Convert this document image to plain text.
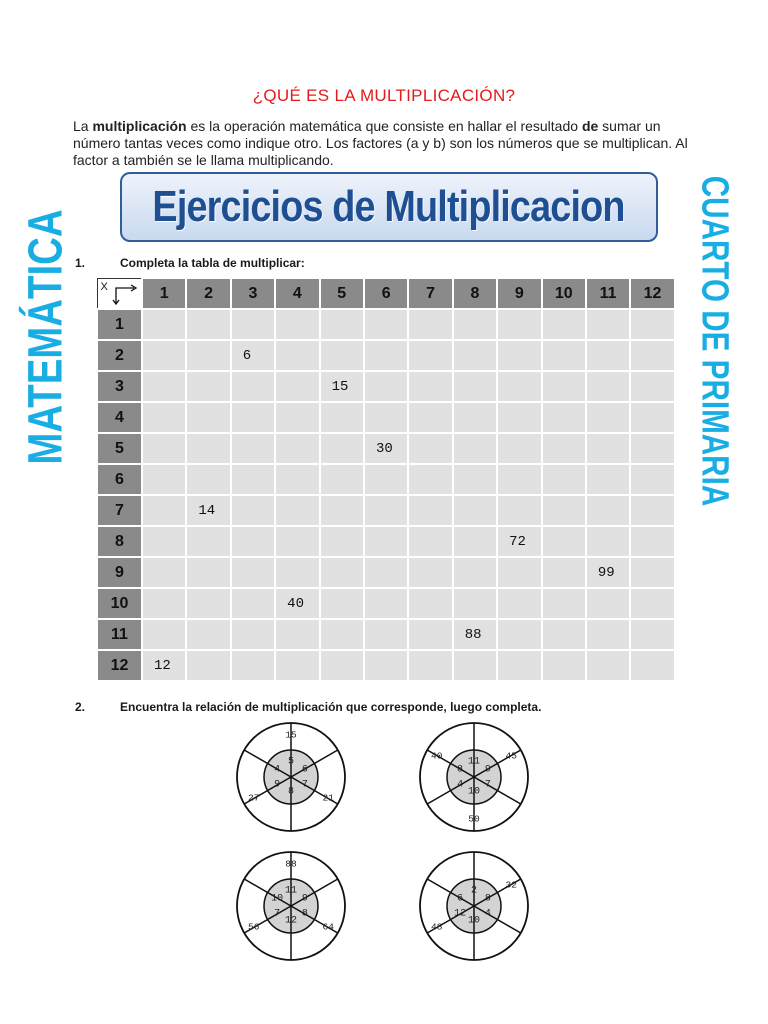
¿QUÉ ES LA MULTIPLICACIÓN?
La multiplicación es la operación matemática que consiste en hallar el resultado de sumar un número tantas veces como indique otro. Los factores (a y b) son los números que se multiplican. Al factor a también se le llama multiplicando.
Ejercicios de Multiplicacion
MATEMÁTICA	CUARTO DE PRIMARIA
1.	Completa la tabla de multiplicar:
X	1	2	3	4	5	6	7	8	9	10	11	12
1												
2			6									
3					15							
4												
5						30						
6												
7		14										
8									72			
9											99	
10				40								
11								88				
12	12											
2.	Encuentra la relación de multiplicación que corresponde, luego completa.
5
15
6
7
21
8
9
27
4
11
9
45
7
10
50
4
8
40
11
88
9
8
64
12
7
56
10
2
8
32
4
10
12
48
6
